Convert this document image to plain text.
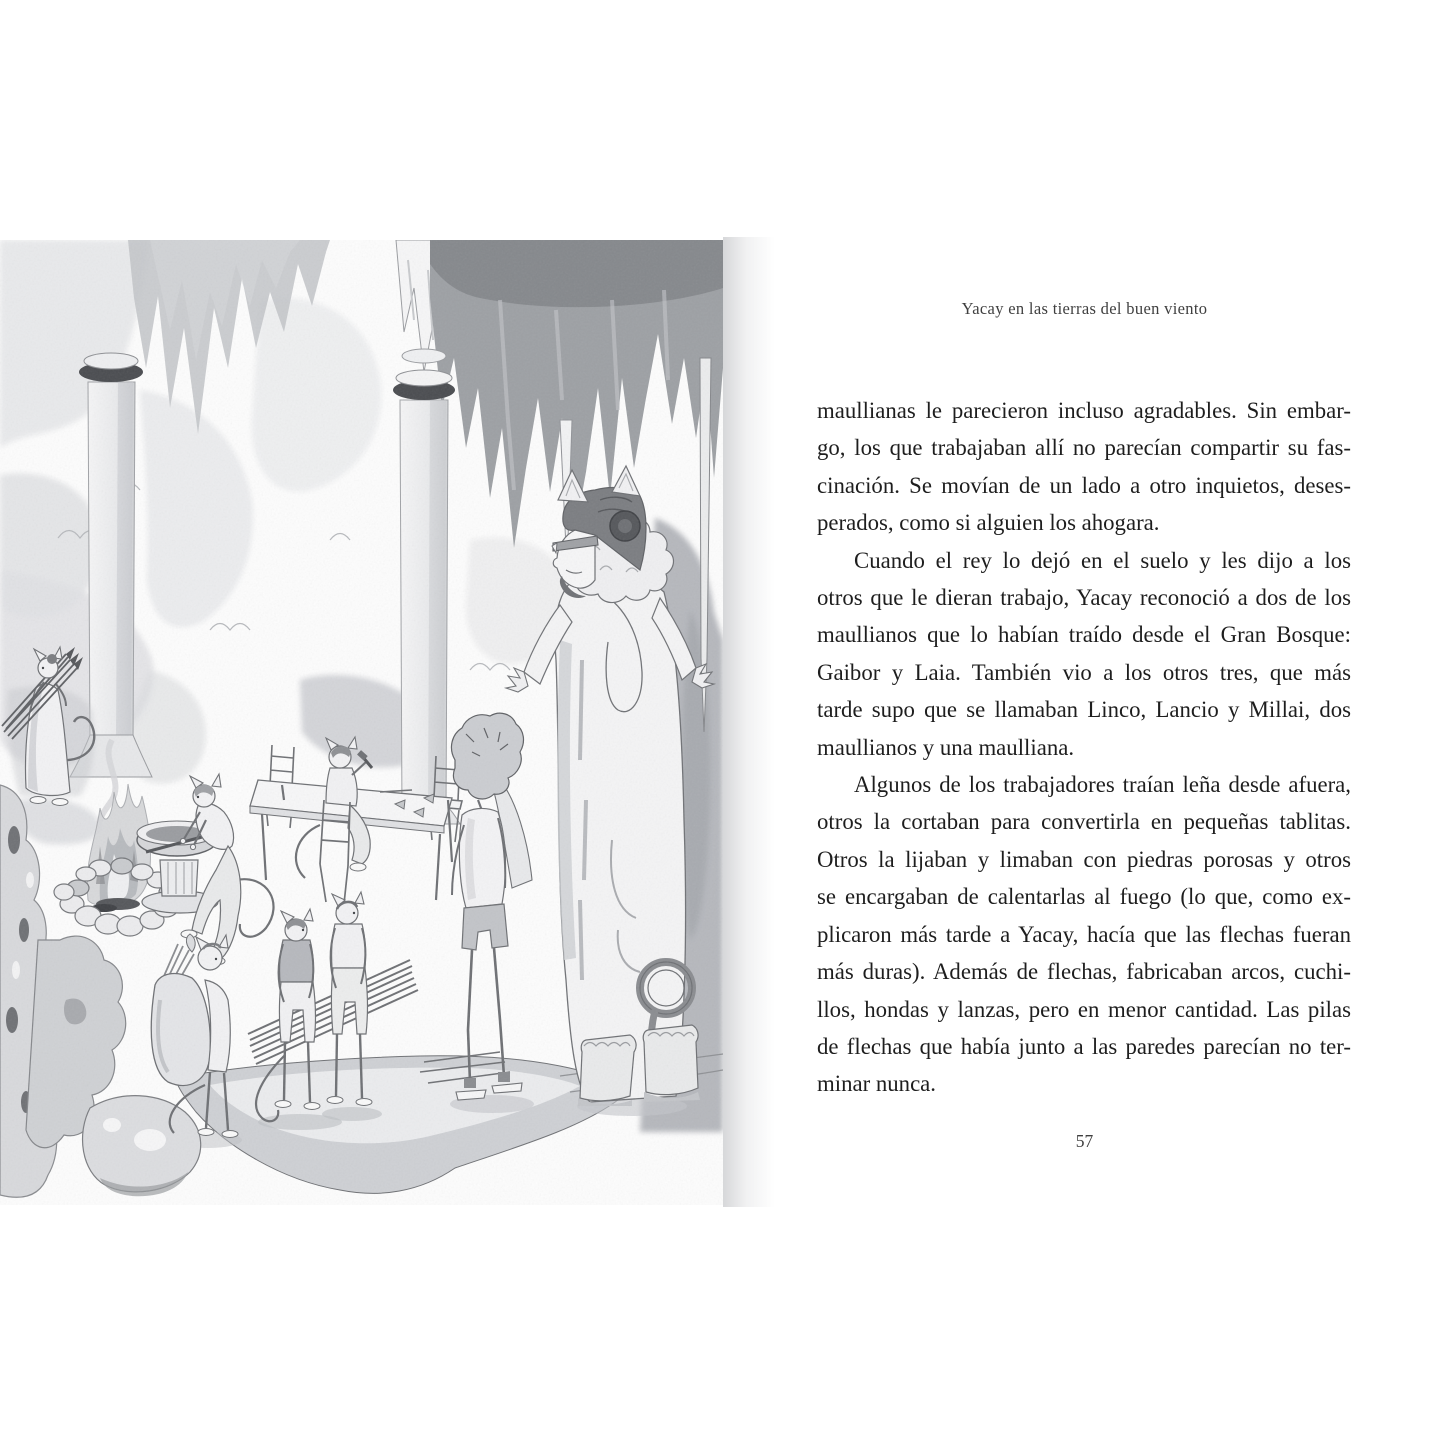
Yacay en las tierras del buen viento
maullianas le parecieron incluso agradables. Sin embar-
go, los que trabajaban allí no parecían compartir su fas-
cinación. Se movían de un lado a otro inquietos, deses-
perados, como si alguien los ahogara.
Cuando el rey lo dejó en el suelo y les dijo a los
otros que le dieran trabajo, Yacay reconoció a dos de los
maullianos que lo habían traído desde el Gran Bosque:
Gaibor y Laia. También vio a los otros tres, que más
tarde supo que se llamaban Linco, Lancio y Millai, dos
maullianos y una maulliana.
Algunos de los trabajadores traían leña desde afuera,
otros la cortaban para convertirla en pequeñas tablitas.
Otros la lijaban y limaban con piedras porosas y otros
se encargaban de calentarlas al fuego (lo que, como ex-
plicaron más tarde a Yacay, hacía que las flechas fueran
más duras). Además de flechas, fabricaban arcos, cuchi-
llos, hondas y lanzas, pero en menor cantidad. Las pilas
de flechas que había junto a las paredes parecían no ter-
minar nunca.
57
